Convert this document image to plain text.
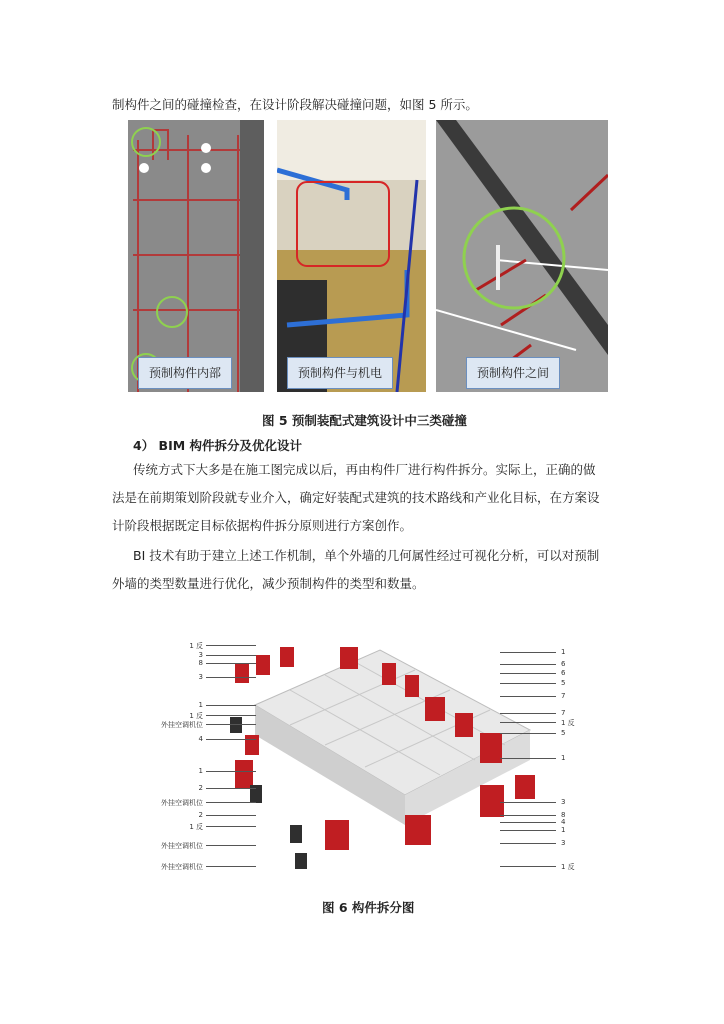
制构件之间的碰撞检查，在设计阶段解决碰撞问题，如图 5 所示。
预制构件内部	预制构件与机电	预制构件之间
图 5 预制装配式建筑设计中三类碰撞
4） BIM 构件拆分及优化设计
传统方式下大多是在施工图完成以后，再由构件厂进行构件拆分。实际上，正确的做
法是在前期策划阶段就专业介入，确定好装配式建筑的技术路线和产业化目标，在方案设
计阶段根据既定目标依据构件拆分原则进行方案创作。
BI 技术有助于建立上述工作机制，单个外墙的几何属性经过可视化分析，可以对预制
外墙的类型数量进行优化，减少预制构件的类型和数量。
1 反
3
8
3
1
1 反
外挂空调机位
4
1
2
外挂空调机位
2
1 反
外挂空调机位
外挂空调机位
1
6
6
5
7
7
1 反
5
1
3
8
4
1
3
1 反
图 6 构件拆分图
